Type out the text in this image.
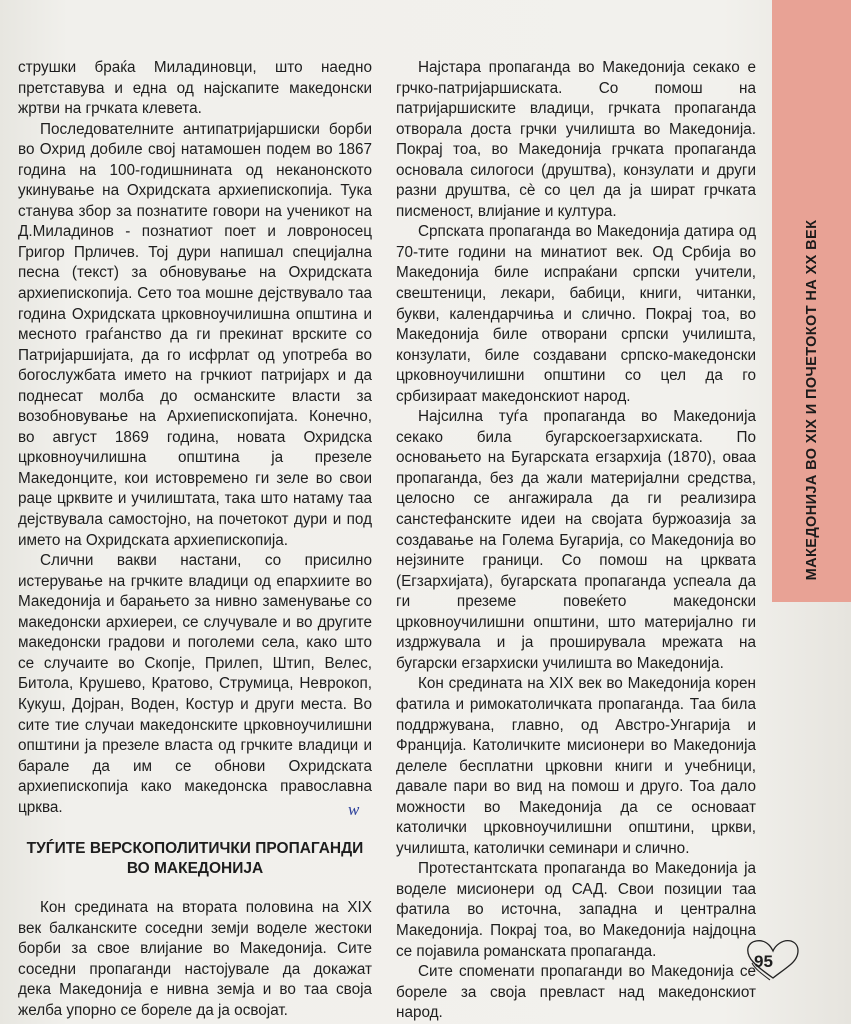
струшки браќа Миладиновци, што наедно претставува и една од најскапите македонски жртви на грчката клевета.

Последователните антипатријаршиски борби во Охрид добиле свој натамошен подем во 1867 година на 100-годишнината од неканонското укинување на Охридската архиепископија. Тука станува збор за познатите говори на ученикот на Д.Миладинов - познатиот поет и ловроносец Григор Прличев. Тој дури напишал специјална песна (текст) за обновување на Охридската архиепископија. Сето тоа мошне дејствувало таа година Охридската црковноучилишна општина и месното граѓанство да ги прекинат врските со Патријаршијата, да го исфрлат од употреба во богослужбата името на грчкиот патријарх и да поднесат молба до османските власти за возобновување на Архиепископијата. Конечно, во август 1869 година, новата Охридска црковноучилишна општина ја презеле Македонците, кои истовремено ги зеле во свои раце црквите и училиштата, така што натаму таа дејствувала самостојно, на почетокот дури и под името на Охридската архиепископија.

Слични вакви настани, со присилно истерување на грчките владици од епархиите во Македонија и барањето за нивно заменување со македонски архиереи, се случувале и во другите македонски градови и поголеми села, како што се случаите во Скопје, Прилеп, Штип, Велес, Битола, Крушево, Кратово, Струмица, Неврокоп, Кукуш, Дојран, Воден, Костур и други места. Во сите тие случаи македонските црковноучилишни општини ја презеле власта од грчките владици и барале да им се обнови Охридската архиепископија како македонска православна црква.

ТУЃИТЕ ВЕРСКОПОЛИТИЧКИ ПРОПАГАНДИ
ВО МАКЕДОНИЈА

Кон средината на втората половина на XIX век балканските соседни земји воделе жестоки борби за свое влијание во Македонија. Сите соседни пропаганди настојувале да докажат дека Македонија е нивна земја и во таа своја желба упорно се бореле да ја освојат.

Најстара пропаганда во Македонија секако е грчко-патријаршиската. Со помош на патријаршиските владици, грчката пропаганда отворала доста грчки училишта во Македонија. Покрај тоа, во Македонија грчката пропаганда основала силогоси (друштва), конзулати и други разни друштва, сè со цел да ја шират грчката писменост, влијание и култура.

Српската пропаганда во Македонија датира од 70-тите години на минатиот век. Од Србија во Македонија биле испраќани српски учители, свештеници, лекари, бабици, книги, читанки, букви, календарчиња и слично. Покрај тоа, во Македонија биле отворани српски училишта, конзулати, биле создавани српско-македонски црковноучилишни општини со цел да го србизираат македонскиот народ.

Најсилна туѓа пропаганда во Македонија секако била бугарскоегзархиската. По основањето на Бугарската егзархија (1870), оваа пропаганда, без да жали материјални средства, целосно се ангажирала да ги реализира санстефанските идеи на својата буржоазија за создавање на Голема Бугарија, со Македонија во нејзините граници. Со помош на црквата (Егзархијата), бугарската пропаганда успеала да ги преземе повеќето македонски црковноучилишни општини, што материјално ги издржувала и ја проширувала мрежата на бугарски егзархиски училишта во Македонија.

Кон средината на XIX век во Македонија корен фатила и римокатоличката пропаганда. Таа била поддржувана, главно, од Австро-Унгарија и Франција. Католичките мисионери во Македонија делеле бесплатни црковни книги и учебници, давале пари во вид на помош и друго. Тоа дало можности во Македонија да се основаат католички црковноучилишни општини, цркви, училишта, католички семинари и слично.

Протестантската пропаганда во Македонија ја воделе мисионери од САД. Свои позиции таа фатила во источна, западна и централна Македонија. Покрај тоа, во Македонија најдоцна се појавила романската пропаганда.

Сите споменати пропаганди во Македонија се бореле за своја превласт над македонскиот народ.

МАКЕДОНИЈА ВО XIX И ПОЧЕТОКОТ НА XX ВЕК
95
w
